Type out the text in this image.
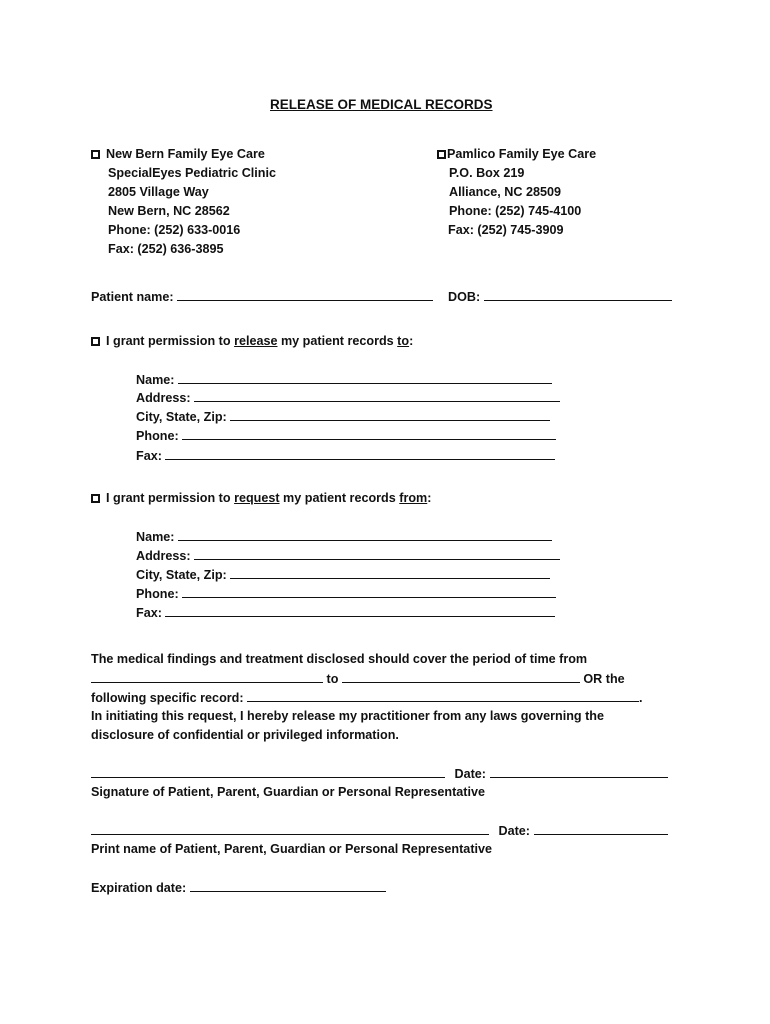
RELEASE OF MEDICAL RECORDS
New Bern Family Eye Care
SpecialEyes Pediatric Clinic
2805 Village Way
New Bern, NC 28562
Phone: (252) 633-0016
Fax: (252) 636-3895
Pamlico Family Eye Care
P.O. Box 219
Alliance, NC 28509
Phone: (252) 745-4100
Fax: (252) 745-3909
Patient name:	DOB:
I grant permission to release my patient records to:
Name:
Address:
City, State, Zip:
Phone:
Fax:
I grant permission to request my patient records from:
Name:
Address:
City, State, Zip:
Phone:
Fax:
The medical findings and treatment disclosed should cover the period of time from
to	OR the
following specific record:	.
In initiating this request, I hereby release my practitioner from any laws governing the
disclosure of confidential or privileged information.
Date:
Signature of Patient, Parent, Guardian or Personal Representative
Date:
Print name of Patient, Parent, Guardian or Personal Representative
Expiration date:
